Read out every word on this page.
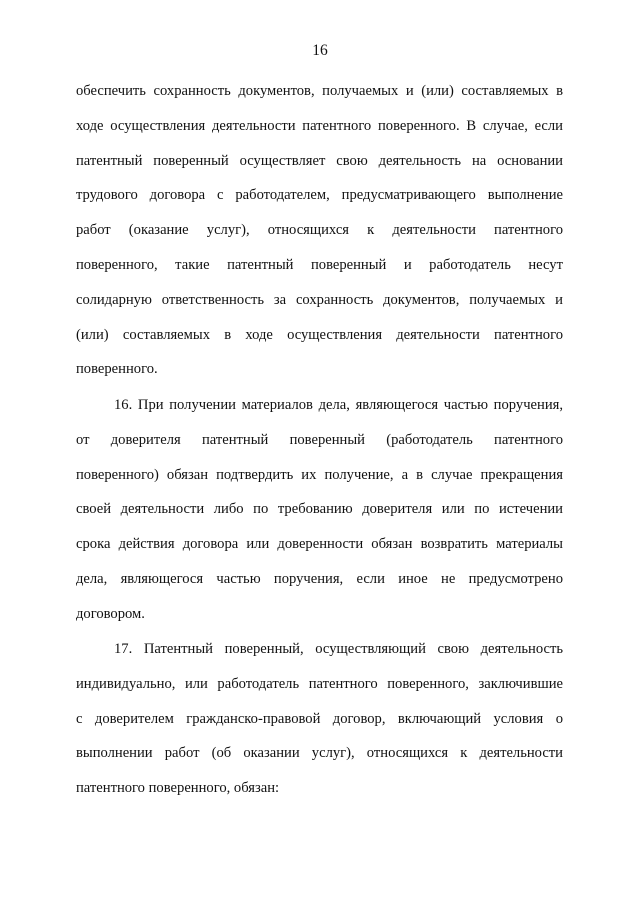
16
обеспечить сохранность документов, получаемых и (или) составляемых в
ходе осуществления деятельности патентного поверенного. В случае, если
патентный поверенный осуществляет свою деятельность на основании
трудового договора с работодателем, предусматривающего выполнение
работ (оказание услуг), относящихся к деятельности патентного
поверенного, такие патентный поверенный и работодатель несут
солидарную ответственность за сохранность документов, получаемых и
(или) составляемых в ходе осуществления деятельности патентного
поверенного.
16. При получении материалов дела, являющегося частью поручения,
от доверителя патентный поверенный (работодатель патентного
поверенного) обязан подтвердить их получение, а в случае прекращения
своей деятельности либо по требованию доверителя или по истечении
срока действия договора или доверенности обязан возвратить материалы
дела, являющегося частью поручения, если иное не предусмотрено
договором.
17. Патентный поверенный, осуществляющий свою деятельность
индивидуально, или работодатель патентного поверенного, заключившие
с доверителем гражданско-правовой договор, включающий условия о
выполнении работ (об оказании услуг), относящихся к деятельности
патентного поверенного, обязан:
